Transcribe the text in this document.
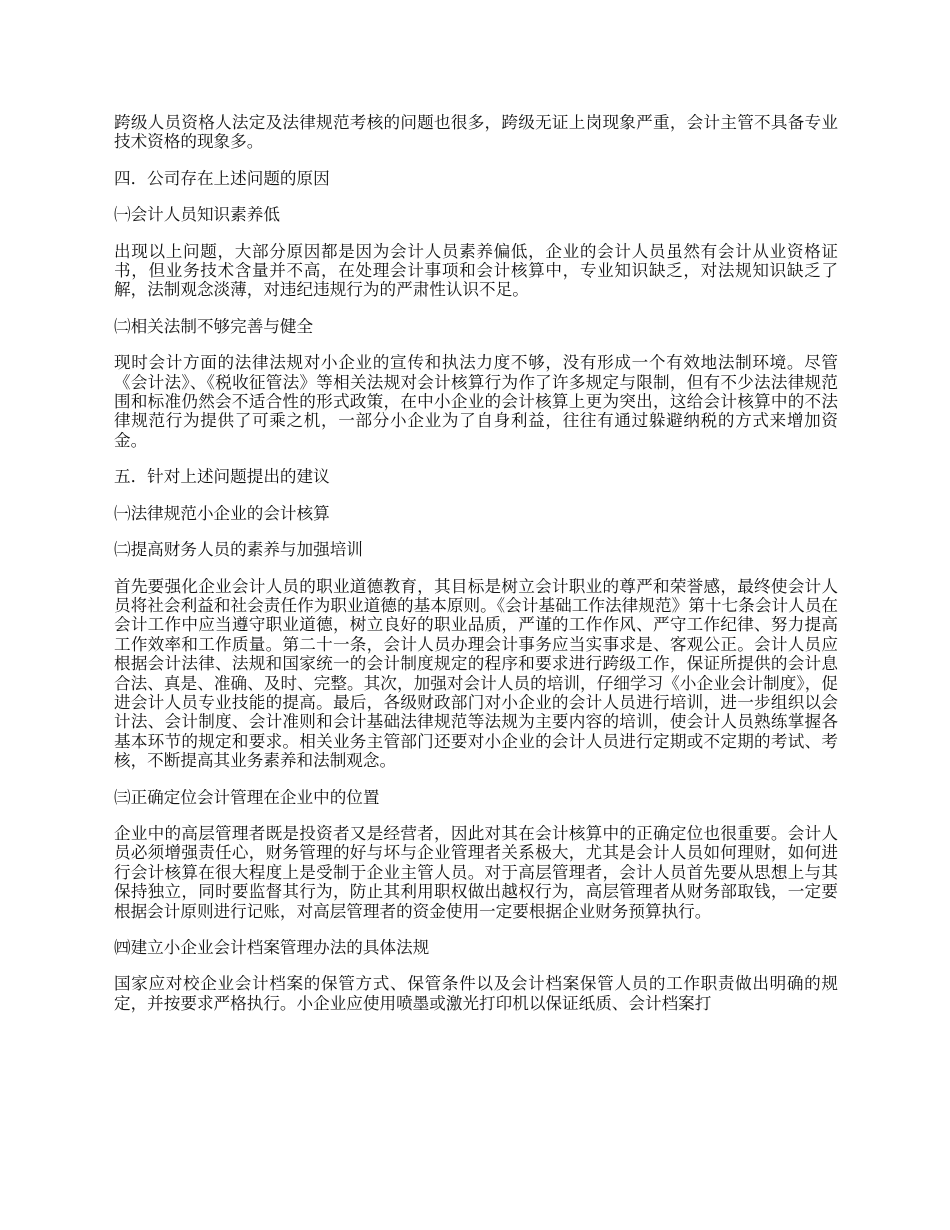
跨级人员资格人法定及法律规范考核的问题也很多，跨级无证上岗现象严重，会计主管不具备专业技术资格的现象多。

四．公司存在上述问题的原因

㈠会计人员知识素养低

出现以上问题，大部分原因都是因为会计人员素养偏低，企业的会计人员虽然有会计从业资格证书，但业务技术含量并不高，在处理会计事项和会计核算中，专业知识缺乏，对法规知识缺乏了解，法制观念淡薄，对违纪违规行为的严肃性认识不足。

㈡相关法制不够完善与健全

现时会计方面的法律法规对小企业的宣传和执法力度不够，没有形成一个有效地法制环境。尽管《会计法》、《税收征管法》等相关法规对会计核算行为作了许多规定与限制，但有不少法法律规范围和标准仍然会不适合性的形式政策，在中小企业的会计核算上更为突出，这给会计核算中的不法律规范行为提供了可乘之机，一部分小企业为了自身利益，往往有通过躲避纳税的方式来增加资金。

五．针对上述问题提出的建议

㈠法律规范小企业的会计核算

㈡提高财务人员的素养与加强培训

首先要强化企业会计人员的职业道德教育，其目标是树立会计职业的尊严和荣誉感，最终使会计人员将社会利益和社会责任作为职业道德的基本原则。《会计基础工作法律规范》第十七条会计人员在会计工作中应当遵守职业道德，树立良好的职业品质，严谨的工作作风、严守工作纪律、努力提高工作效率和工作质量。第二十一条，会计人员办理会计事务应当实事求是、客观公正。会计人员应根据会计法律、法规和国家统一的会计制度规定的程序和要求进行跨级工作，保证所提供的会计息合法、真是、准确、及时、完整。其次，加强对会计人员的培训，仔细学习《小企业会计制度》，促进会计人员专业技能的提高。最后，各级财政部门对小企业的会计人员进行培训，进一步组织以会计法、会计制度、会计准则和会计基础法律规范等法规为主要内容的培训，使会计人员熟练掌握各基本环节的规定和要求。相关业务主管部门还要对小企业的会计人员进行定期或不定期的考试、考核，不断提高其业务素养和法制观念。

㈢正确定位会计管理在企业中的位置

企业中的高层管理者既是投资者又是经营者，因此对其在会计核算中的正确定位也很重要。会计人员必须增强责任心，财务管理的好与坏与企业管理者关系极大，尤其是会计人员如何理财，如何进行会计核算在很大程度上是受制于企业主管人员。对于高层管理者，会计人员首先要从思想上与其保持独立，同时要监督其行为，防止其利用职权做出越权行为，高层管理者从财务部取钱，一定要根据会计原则进行记账，对高层管理者的资金使用一定要根据企业财务预算执行。

㈣建立小企业会计档案管理办法的具体法规

国家应对校企业会计档案的保管方式、保管条件以及会计档案保管人员的工作职责做出明确的规定，并按要求严格执行。小企业应使用喷墨或激光打印机以保证纸质、会计档案打
